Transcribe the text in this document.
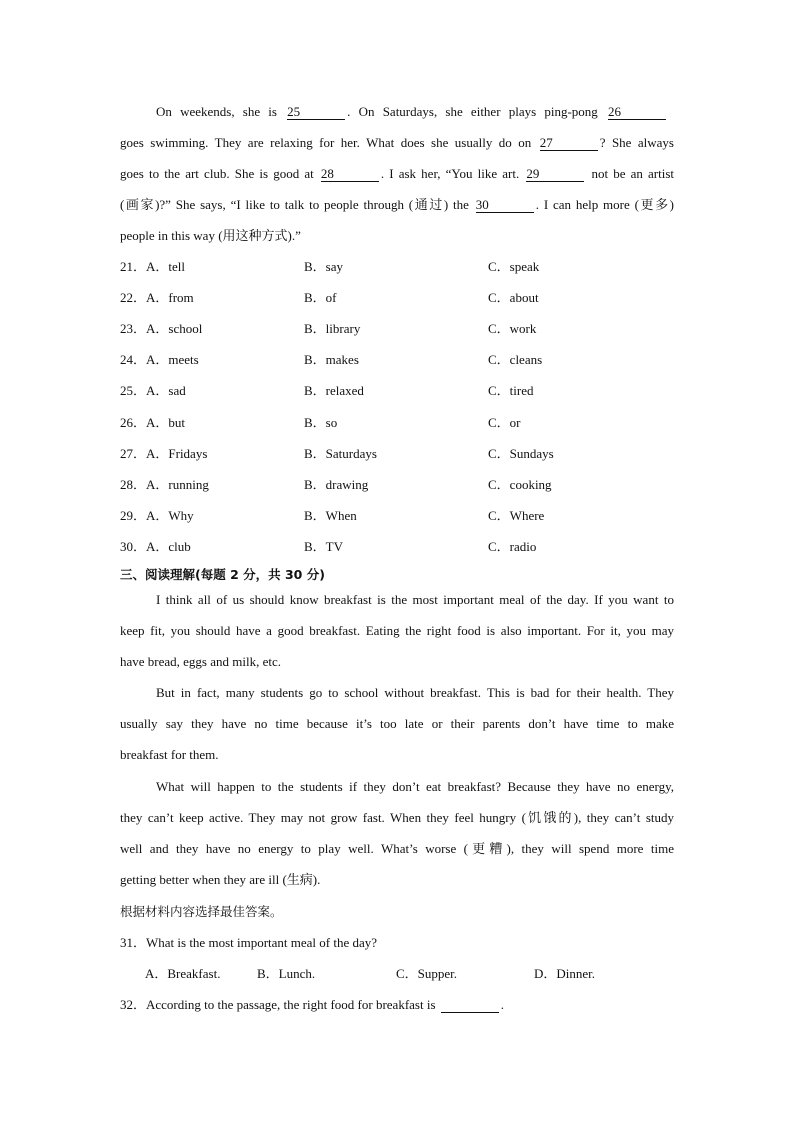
On weekends, she is 25	. On Saturdays, she either plays ping-pong 26
goes swimming. They are relaxing for her. What does she usually do on 27	? She always
goes to the art club. She is good at 28	. I ask her, “You like art. 29	not be an artist
(画家)?” She says, “I like to talk to people through (通过) the 30	. I can help more (更多)
people in this way (用这种方式).”
21．A．tell	B．say	C．speak
22．A．from	B．of	C．about
23．A．school	B．library	C．work
24．A．meets	B．makes	C．cleans
25．A．sad	B．relaxed	C．tired
26．A．but	B．so	C．or
27．A．Fridays	B．Saturdays	C．Sundays
28．A．running	B．drawing	C．cooking
29．A．Why	B．When	C．Where
30．A．club	B．TV	C．radio
三、阅读理解(每题 2 分，共 30 分)
I think all of us should know breakfast is the most important meal of the day. If you want to
keep fit, you should have a good breakfast. Eating the right food is also important. For it, you may
have bread, eggs and milk, etc.
But in fact, many students go to school without breakfast. This is bad for their health. They
usually say they have no time because it’s too late or their parents don’t have time to make
breakfast for them.
What will happen to the students if they don’t eat breakfast? Because they have no energy,
they can’t keep active. They may not grow fast. When they feel hungry (饥饿的), they can’t study
well and they have no energy to play well. What’s worse (更糟), they will spend more time
getting better when they are ill (生病).
根据材料内容选择最佳答案。
31．What is the most important meal of the day?
A．Breakfast.	B．Lunch.	C．Supper.	D．Dinner.
32．According to the passage, the right food for breakfast is	.
